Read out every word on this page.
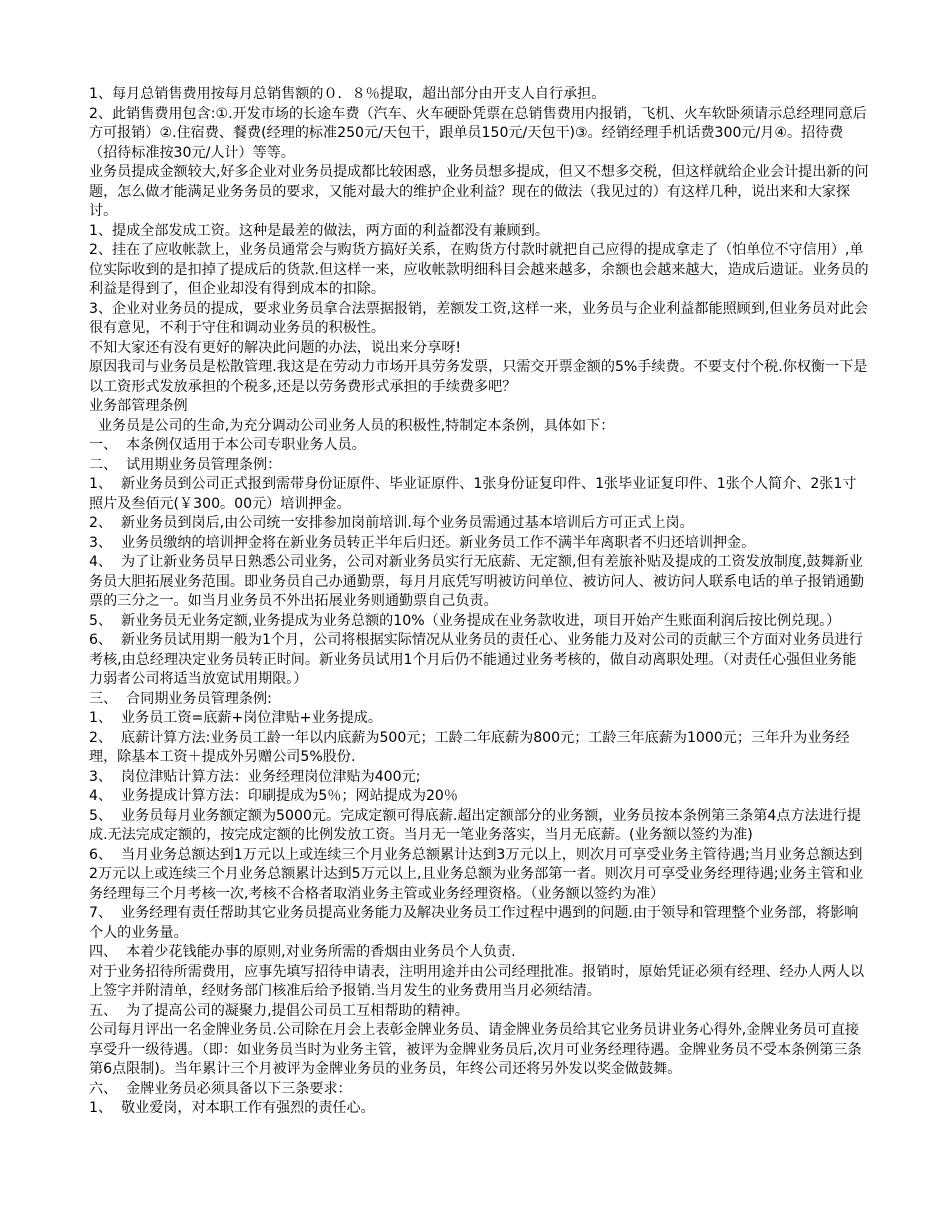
1、每月总销售费用按每月总销售额的０．８％提取，超出部分由开支人自行承担。

2、此销售费用包含:①.开发市场的长途车费（汽车、火车硬卧凭票在总销售费用内报销，飞机、火车软卧须请示总经理同意后方可报销）②.住宿费、餐费(经理的标准250元/天包干，跟单员150元/天包干)③。经销经理手机话费300元/月④。招待费（招待标准按30元/人计）等等。

业务员提成金额较大,好多企业对业务员提成都比较困惑，业务员想多提成，但又不想多交税，但这样就给企业会计提出新的问题，怎么做才能满足业务务员的要求，又能对最大的维护企业利益？现在的做法（我见过的）有这样几种，说出来和大家探讨。

1、提成全部发成工资。这种是最差的做法，两方面的利益都没有兼顾到。

2、挂在了应收帐款上，业务员通常会与购货方搞好关系，在购货方付款时就把自己应得的提成拿走了（怕单位不守信用）,单位实际收到的是扣掉了提成后的货款.但这样一来，应收帐款明细科目会越来越多，余额也会越来越大，造成后遗证。业务员的利益是得到了，但企业却没有得到成本的扣除。

3、企业对业务员的提成，要求业务员拿合法票据报销，差额发工资,这样一来，业务员与企业利益都能照顾到,但业务员对此会很有意见，不利于守住和调动业务员的积极性。

不知大家还有没有更好的解决此问题的办法，说出来分享呀!

原因我司与业务员是松散管理.我这是在劳动力市场开具劳务发票，只需交开票金额的5%手续费。不要支付个税.你权衡一下是以工资形式发放承担的个税多,还是以劳务费形式承担的手续费多吧？

业务部管理条例

业务员是公司的生命,为充分调动公司业务人员的积极性,特制定本条例，具体如下：

一、  本条例仅适用于本公司专职业务人员。

二、  试用期业务员管理条例：

1、  新业务员到公司正式报到需带身份证原件、毕业证原件、1张身份证复印件、1张毕业证复印件、1张个人简介、2张1寸照片及叁佰元(￥300。00元）培训押金。

2、  新业务员到岗后,由公司统一安排参加岗前培训.每个业务员需通过基本培训后方可正式上岗。

3、  业务员缴纳的培训押金将在新业务员转正半年后归还。新业务员工作不满半年离职者不归还培训押金。

4、  为了让新业务员早日熟悉公司业务，公司对新业务员实行无底薪、无定额,但有差旅补贴及提成的工资发放制度,鼓舞新业务员大胆拓展业务范围。即业务员自己办通勤票，每月月底凭写明被访问单位、被访问人、被访问人联系电话的单子报销通勤票的三分之一。如当月业务员不外出拓展业务则通勤票自己负责。

5、  新业务员无业务定额,业务提成为业务总额的10%（业务提成在业务款收进，项目开始产生账面利润后按比例兑现。）

6、  新业务员试用期一般为1个月，公司将根据实际情况从业务员的责任心、业务能力及对公司的贡献三个方面对业务员进行考核,由总经理决定业务员转正时间。新业务员试用1个月后仍不能通过业务考核的，做自动离职处理。（对责任心强但业务能力弱者公司将适当放宽试用期限。）

三、  合同期业务员管理条例:

1、  业务员工资=底薪+岗位津贴+业务提成。

2、  底薪计算方法:业务员工龄一年以内底薪为500元；工龄二年底薪为800元；工龄三年底薪为1000元；三年升为业务经理，除基本工资＋提成外另赠公司5%股份.

3、  岗位津贴计算方法：业务经理岗位津贴为400元;

4、  业务提成计算方法：印刷提成为5％；网站提成为20％

5、  业务员每月业务额定额为5000元。完成定额可得底薪.超出定额部分的业务额，业务员按本条例第三条第4点方法进行提成.无法完成定额的，按完成定额的比例发放工资。当月无一笔业务落实，当月无底薪。(业务额以签约为准)

6、  当月业务总额达到1万元以上或连续三个月业务总额累计达到3万元以上，则次月可享受业务主管待遇;当月业务总额达到2万元以上或连续三个月业务总额累计达到5万元以上,且业务总额为业务部第一者。则次月可享受业务经理待遇;业务主管和业务经理每三个月考核一次,考核不合格者取消业务主管或业务经理资格。（业务额以签约为准）

7、  业务经理有责任帮助其它业务员提高业务能力及解决业务员工作过程中遇到的问题.由于领导和管理整个业务部，将影响个人的业务量。

四、  本着少花钱能办事的原则,对业务所需的香烟由业务员个人负责.

对于业务招待所需费用，应事先填写招待申请表，注明用途并由公司经理批准。报销时，原始凭证必须有经理、经办人两人以上签字并附清单，经财务部门核准后给予报销.当月发生的业务费用当月必须结清。

五、  为了提高公司的凝聚力,提倡公司员工互相帮助的精神。

公司每月评出一名金牌业务员.公司除在月会上表彰金牌业务员、请金牌业务员给其它业务员讲业务心得外,金牌业务员可直接享受升一级待遇。（即：如业务员当时为业务主管，被评为金牌业务员后,次月可业务经理待遇。金牌业务员不受本条例第三条第6点限制)。当年累计三个月被评为金牌业务员的业务员，年终公司还将另外发以奖金做鼓舞。

六、  金牌业务员必须具备以下三条要求：

1、  敬业爱岗，对本职工作有强烈的责任心。
